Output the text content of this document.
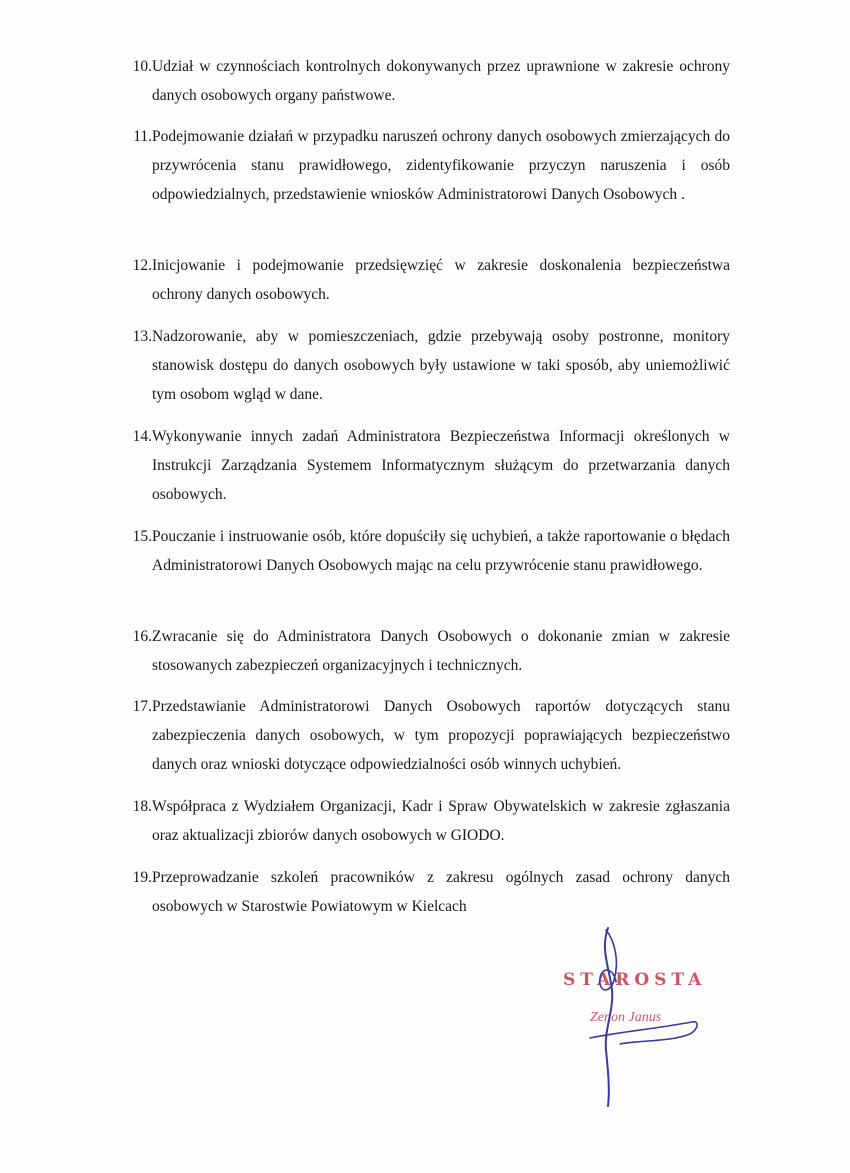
10. Udział w czynnościach kontrolnych dokonywanych przez uprawnione w zakresie ochrony danych osobowych organy państwowe.
11. Podejmowanie działań w przypadku naruszeń ochrony danych osobowych zmierzających do przywrócenia stanu prawidłowego, zidentyfikowanie przyczyn naruszenia i osób odpowiedzialnych, przedstawienie wniosków Administratorowi Danych Osobowych .
12. Inicjowanie i podejmowanie przedsięwzięć w zakresie doskonalenia bezpieczeństwa ochrony danych osobowych.
13. Nadzorowanie, aby w pomieszczeniach, gdzie przebywają osoby postronne, monitory stanowisk dostępu do danych osobowych były ustawione w taki sposób, aby uniemożliwić tym osobom wgląd w dane.
14. Wykonywanie innych zadań Administratora Bezpieczeństwa Informacji określonych w Instrukcji Zarządzania Systemem Informatycznym służącym do przetwarzania danych osobowych.
15. Pouczanie i instruowanie osób, które dopuściły się uchybień, a także raportowanie o błędach Administratorowi Danych Osobowych mając na celu przywrócenie stanu prawidłowego.
16. Zwracanie się do Administratora Danych Osobowych o dokonanie zmian w zakresie stosowanych zabezpieczeń organizacyjnych i technicznych.
17. Przedstawianie Administratorowi Danych Osobowych raportów dotyczących stanu zabezpieczenia danych osobowych, w tym propozycji poprawiających bezpieczeństwo danych oraz wnioski dotyczące odpowiedzialności osób winnych uchybień.
18. Współpraca z Wydziałem Organizacji, Kadr i Spraw Obywatelskich w zakresie zgłaszania oraz aktualizacji zbiorów danych osobowych w GIODO.
19. Przeprowadzanie szkoleń pracowników z zakresu ogólnych zasad ochrony danych osobowych w Starostwie Powiatowym w Kielcach
STAROSTA
Zenon Janus
